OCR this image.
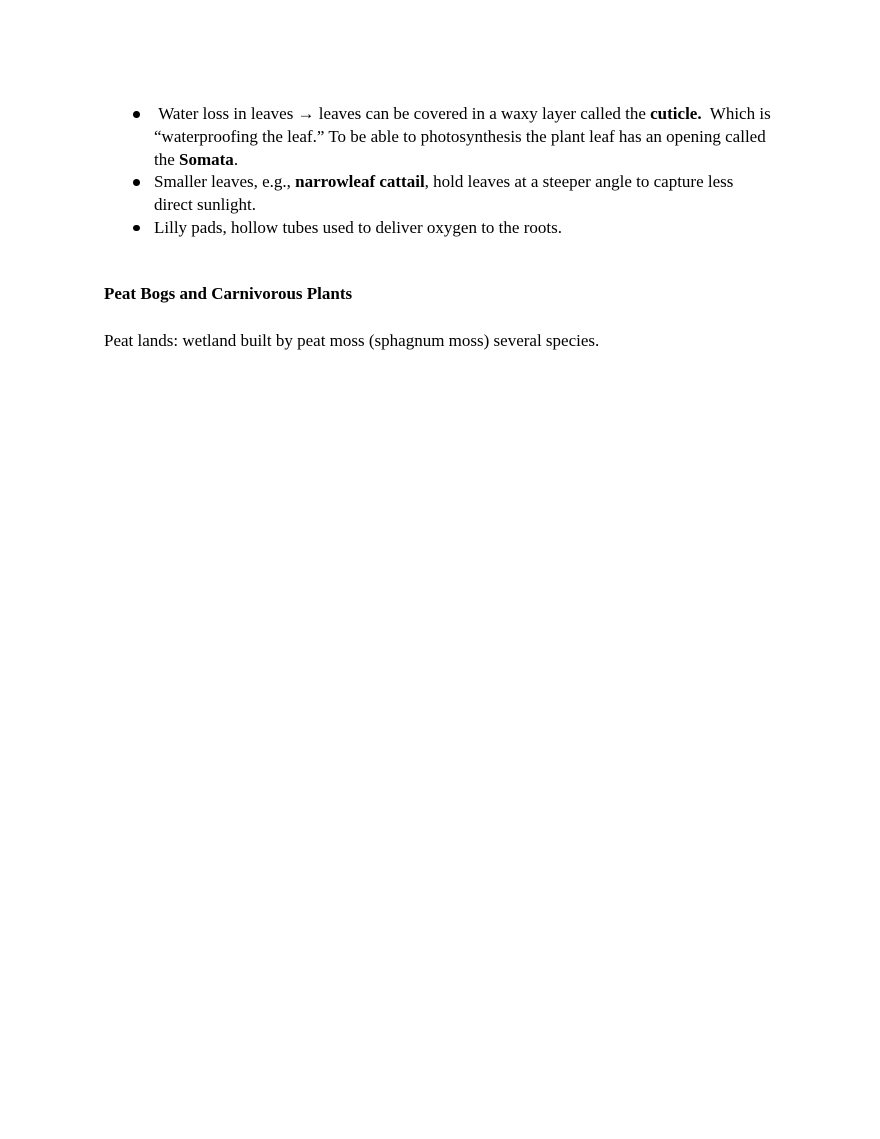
Water loss in leaves → leaves can be covered in a waxy layer called the cuticle.  Which is “waterproofing the leaf.” To be able to photosynthesis the plant leaf has an opening called the Somata.
Smaller leaves, e.g., narrowleaf cattail, hold leaves at a steeper angle to capture less direct sunlight.
Lilly pads, hollow tubes used to deliver oxygen to the roots.
Peat Bogs and Carnivorous Plants

Peat lands: wetland built by peat moss (sphagnum moss) several species.
